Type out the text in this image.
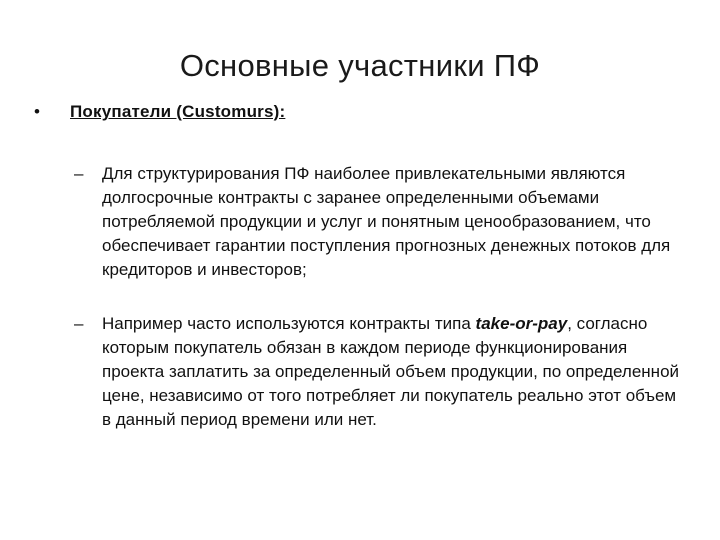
Основные участники ПФ
•	Покупатели (Customurs):
–	Для структурирования ПФ наиболее привлекательными являются долгосрочные контракты с заранее определенными объемами потребляемой продукции и услуг и понятным ценообразованием, что обеспечивает гарантии поступления прогнозных денежных потоков для кредиторов и инвесторов;
–	Например часто используются контракты типа take-or-pay, согласно которым покупатель обязан в каждом периоде функционирования проекта заплатить за определенный объем продукции, по определенной цене, независимо от того потребляет ли покупатель реально этот объем в данный период времени или нет.
